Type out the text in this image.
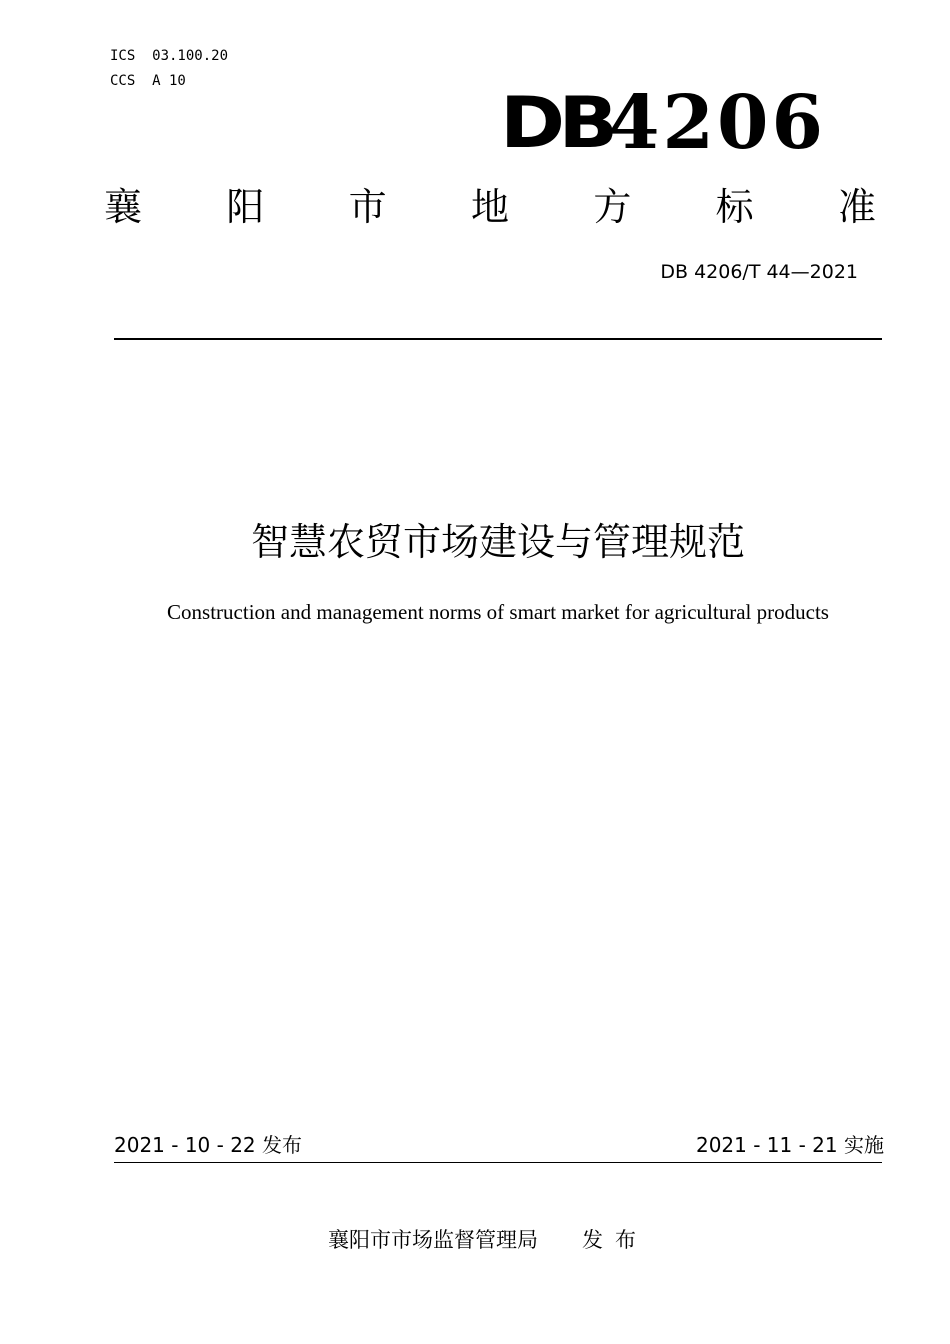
ICS  03.100.20
CCS  A 10
DB
4206
襄 阳 市 地 方 标 准
DB 4206/T 44—2021
智慧农贸市场建设与管理规范
Construction and management norms of smart market for agricultural products
2021 - 10 - 22 发布	2021 - 11 - 21 实施
襄阳市市场监督管理局 发布
